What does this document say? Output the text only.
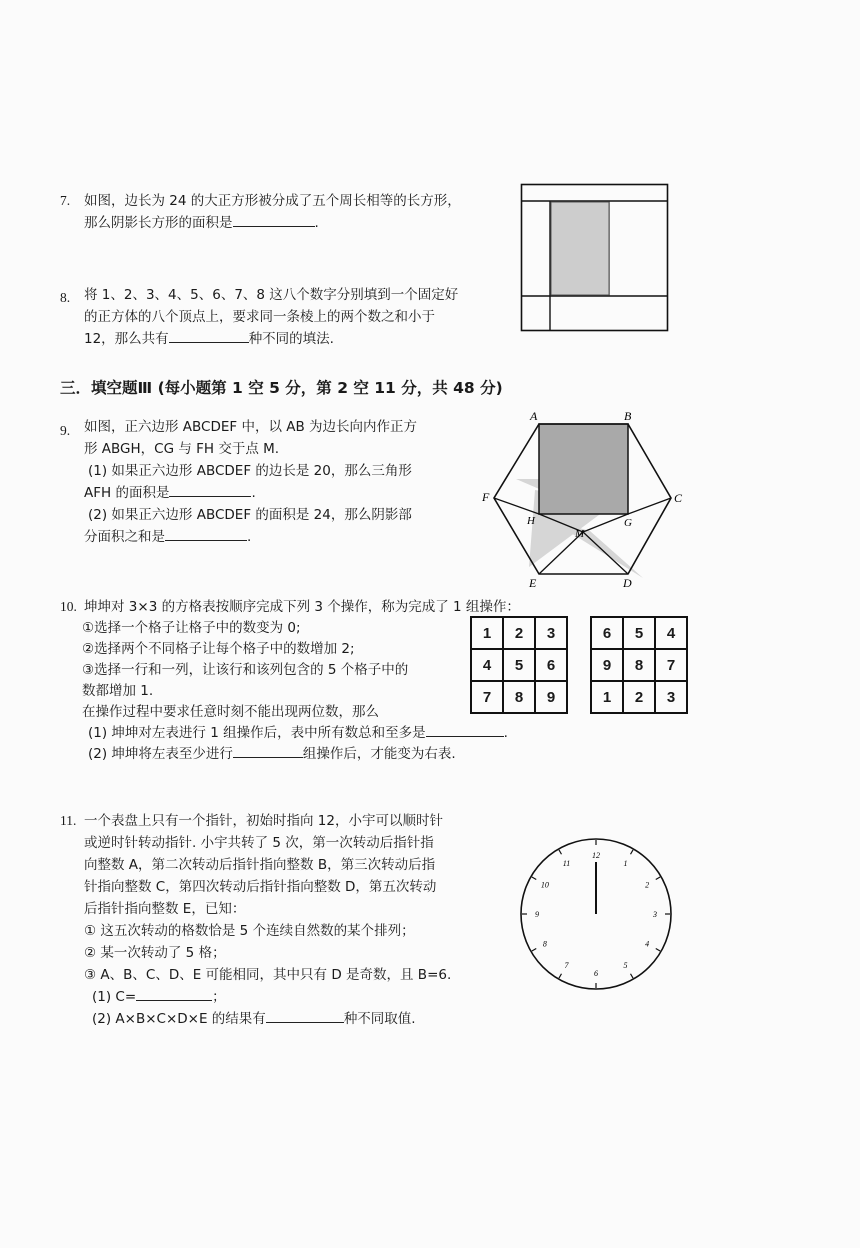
7. 如图，边长为 24 的大正方形被分成了五个周长相等的长方形，
那么阴影长方形的面积是	.
8. 将 1、2、3、4、5、6、7、8 这八个数字分别填到一个固定好
的正方体的八个顶点上，要求同一条棱上的两个数之和小于
12，那么共有	种不同的填法.
三．填空题Ⅲ (每小题第 1 空 5 分，第 2 空 11 分，共 48 分)
9. 如图，正六边形 ABCDEF 中，以 AB 为边长向内作正方
形 ABGH，CG 与 FH 交于点 M.
(1) 如果正六边形 ABCDEF 的边长是 20，那么三角形
AFH 的面积是	.
(2) 如果正六边形 ABCDEF 的面积是 24，那么阴影部
分面积之和是	.
A	B
C
D
E
F
G
H
M
10. 坤坤对 3×3 的方格表按顺序完成下列 3 个操作，称为完成了 1 组操作：
①选择一个格子让格子中的数变为 0;
②选择两个不同格子让每个格子中的数增加 2;
③选择一行和一列，让该行和该列包含的 5 个格子中的
数都增加 1.
在操作过程中要求任意时刻不能出现两位数，那么
(1) 坤坤对左表进行 1 组操作后，表中所有数总和至多是	.
(2) 坤坤将左表至少进行	组操作后，才能变为右表.
1	2	3
4	5	6
7	8	9
6	5	4
9	8	7
1	2	3
11. 一个表盘上只有一个指针，初始时指向 12，小宇可以顺时针
或逆时针转动指针. 小宇共转了 5 次，第一次转动后指针指
向整数 A，第二次转动后指针指向整数 B，第三次转动后指
针指向整数 C，第四次转动后指针指向整数 D，第五次转动
后指针指向整数 E，已知：
① 这五次转动的格数恰是 5 个连续自然数的某个排列；
② 某一次转动了 5 格；
③ A、B、C、D、E 可能相同，其中只有 D 是奇数，且 B=6.
(1) C=	；
(2) A×B×C×D×E 的结果有	种不同取值.
12
1
2
3
4
5
6
7
8
9
10
11
